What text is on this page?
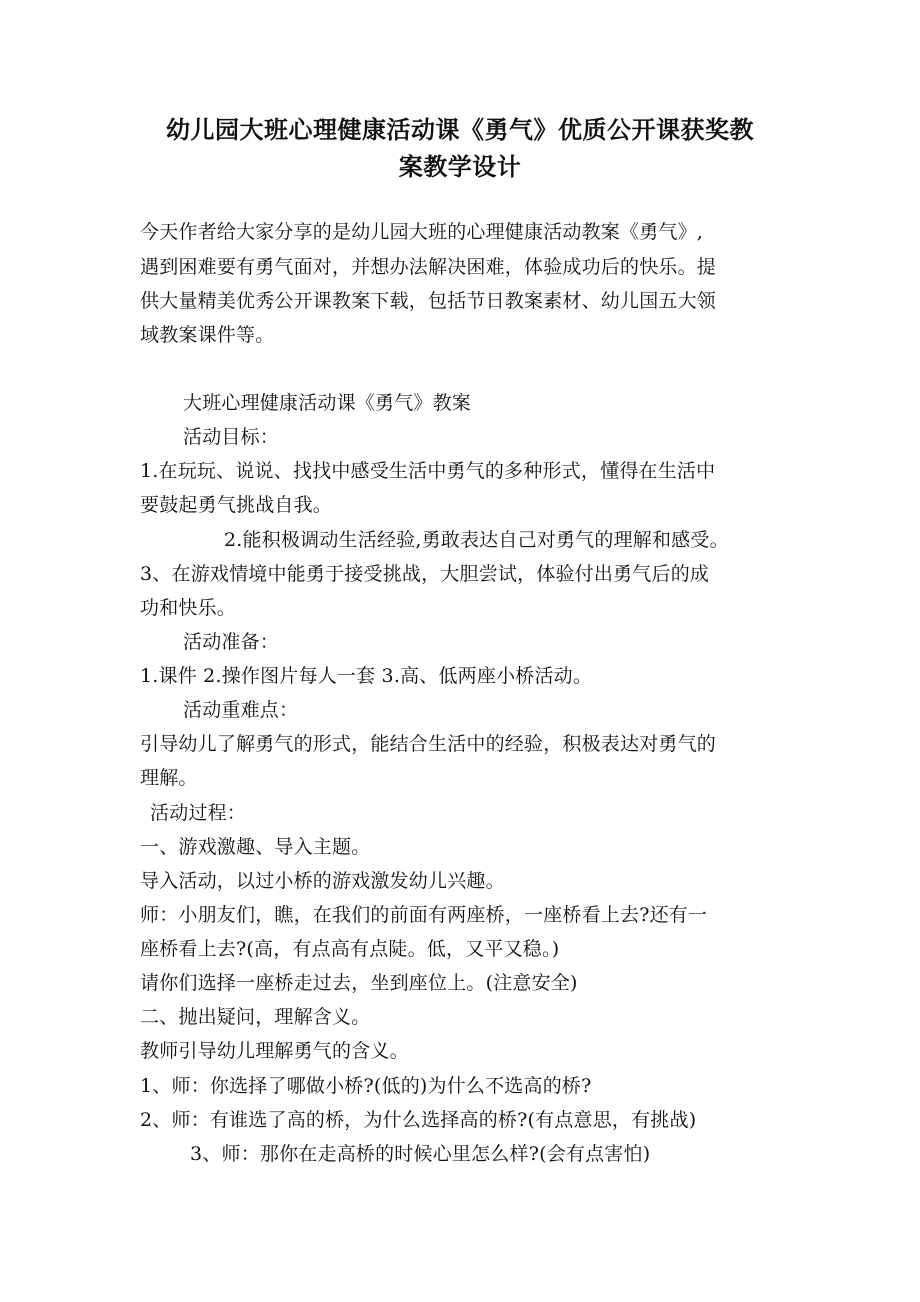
幼儿园大班心理健康活动课《勇气》优质公开课获奖教
案教学设计
今天作者给大家分享的是幼儿园大班的心理健康活动教案《勇气》,
遇到困难要有勇气面对，并想办法解决困难，体验成功后的快乐。提
供大量精美优秀公开课教案下载，包括节日教案素材、幼儿国五大领
域教案课件等。
大班心理健康活动课《勇气》教案
活动目标：
1.在玩玩、说说、找找中感受生活中勇气的多种形式，懂得在生活中
要鼓起勇气挑战自我。
2.能积极调动生活经验,勇敢表达自己对勇气的理解和感受。
3、在游戏情境中能勇于接受挑战，大胆尝试，体验付出勇气后的成
功和快乐。
活动准备：
1.课件 2.操作图片每人一套 3.高、低两座小桥活动。
活动重难点：
引导幼儿了解勇气的形式，能结合生活中的经验，积极表达对勇气的
理解。
活动过程：
一、游戏激趣、导入主题。
导入活动，以过小桥的游戏激发幼儿兴趣。
师：小朋友们，瞧，在我们的前面有两座桥，一座桥看上去?还有一
座桥看上去?(高，有点高有点陡。低，又平又稳。)
请你们选择一座桥走过去，坐到座位上。(注意安全)
二、抛出疑问，理解含义。
教师引导幼儿理解勇气的含义。
1、师：你选择了哪做小桥?(低的)为什么不选高的桥?
2、师：有谁选了高的桥，为什么选择高的桥?(有点意思，有挑战)
3、师：那你在走高桥的时候心里怎么样?(会有点害怕)
